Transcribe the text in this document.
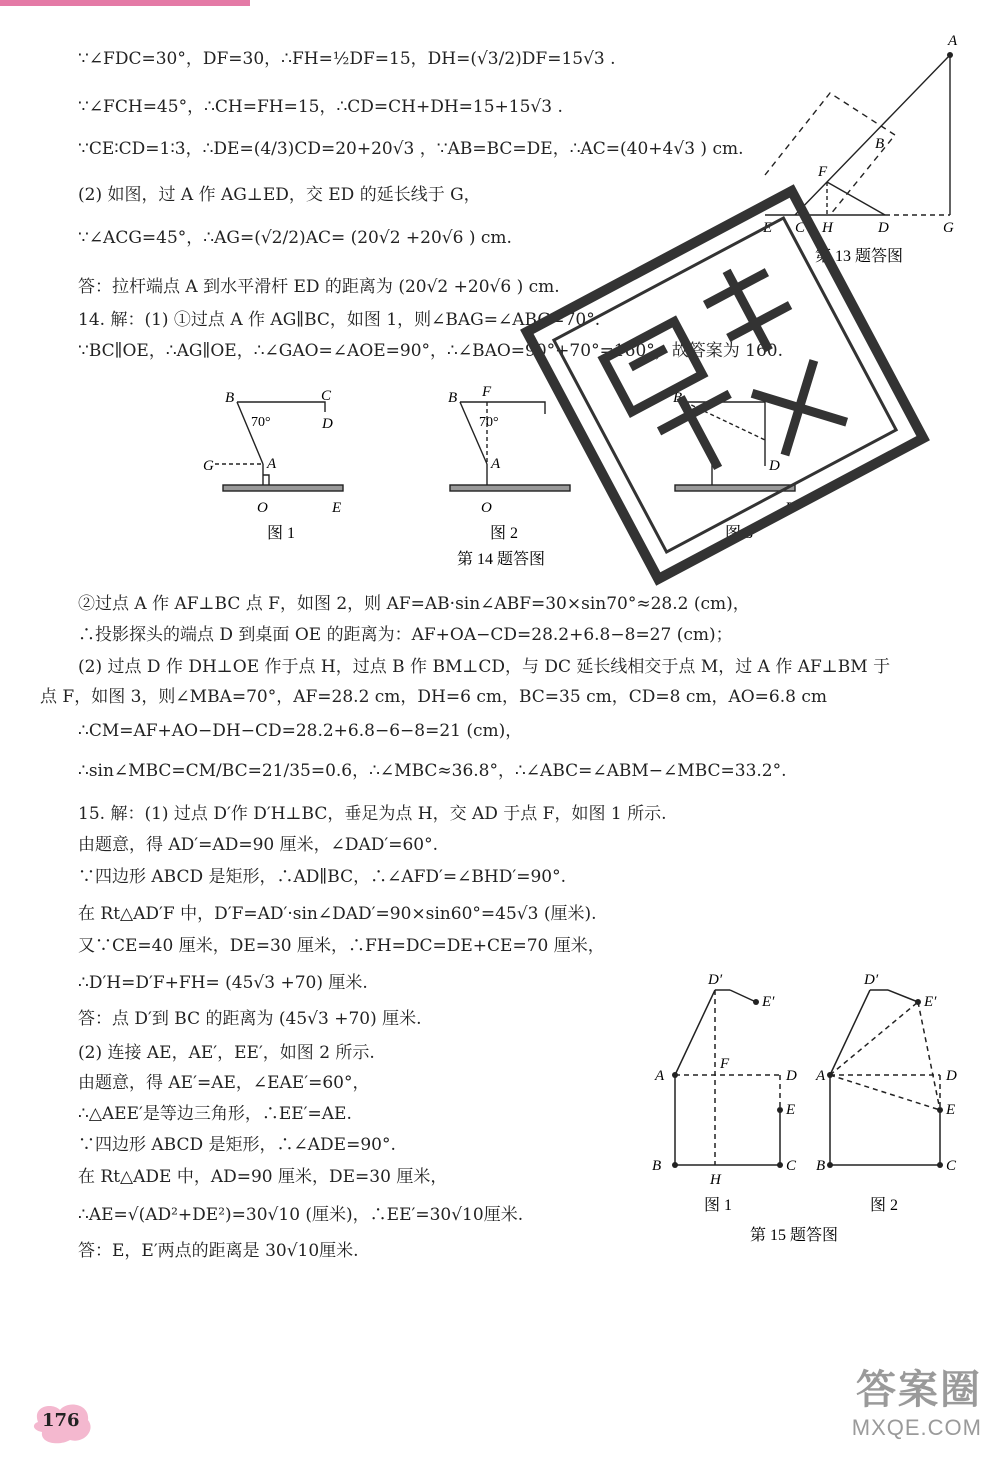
∵∠FDC=30°，DF=30，∴FH=½DF=15，DH=(√3/2)DF=15√3 .
∵∠FCH=45°，∴CH=FH=15，∴CD=CH+DH=15+15√3 .
∵CE∶CD=1∶3，∴DE=(4/3)CD=20+20√3 ，∵AB=BC=DE，∴AC=(40+4√3 ) cm.
(2) 如图，过 A 作 AG⊥ED，交 ED 的延长线于 G，
∵∠ACG=45°，∴AG=(√2/2)AC= (20√2 +20√6 ) cm.
答：拉杆端点 A 到水平滑杆 ED 的距离为 (20√2 +20√6 ) cm.
14. 解：(1) ①过点 A 作 AG∥BC，如图 1，则∠BAG=∠ABC=70°.
∵BC∥OE，∴AG∥OE，∴∠GAO=∠AOE=90°，∴∠BAO=90°+70°=160°，故答案为 160.
②过点 A 作 AF⊥BC 点 F，如图 2，则 AF=AB·sin∠ABF=30×sin70°≈28.2 (cm)，
∴投影探头的端点 D 到桌面 OE 的距离为：AF+OA−CD=28.2+6.8−8=27 (cm)；
(2) 过点 D 作 DH⊥OE 作于点 H，过点 B 作 BM⊥CD，与 DC 延长线相交于点 M，过 A 作 AF⊥BM 于
点 F，如图 3，则∠MBA=70°，AF=28.2 cm，DH=6 cm，BC=35 cm，CD=8 cm，AO=6.8 cm
∴CM=AF+AO−DH−CD=28.2+6.8−6−8=21 (cm)，
∴sin∠MBC=CM/BC=21/35=0.6，∴∠MBC≈36.8°，∴∠ABC=∠ABM−∠MBC=33.2°.
15. 解：(1) 过点 D′作 D′H⊥BC，垂足为点 H，交 AD 于点 F，如图 1 所示.
由题意，得 AD′=AD=90 厘米，∠DAD′=60°.
∵四边形 ABCD 是矩形，∴AD∥BC，∴∠AFD′=∠BHD′=90°.
在 Rt△AD′F 中，D′F=AD′·sin∠DAD′=90×sin60°=45√3 (厘米).
又∵CE=40 厘米，DE=30 厘米，∴FH=DC=DE+CE=70 厘米，
∴D′H=D′F+FH= (45√3 +70) 厘米.
答：点 D′到 BC 的距离为 (45√3 +70) 厘米.
(2) 连接 AE，AE′，EE′，如图 2 所示.
由题意，得 AE′=AE，∠EAE′=60°，
∴△AEE′是等边三角形，∴EE′=AE.
∵四边形 ABCD 是矩形，∴∠ADE=90°.
在 Rt△ADE 中，AD=90 厘米，DE=30 厘米，
∴AE=√(AD²+DE²)=30√10 (厘米)，∴EE′=30√10厘米.
答：E，E′两点的距离是 30√10厘米.
A
B
F
E C H	D	G
第 13 题答图
B
70°
C
D
G	A
O	E
图 1
B F
70°
A
O
图 2
B
D
E
图 3
第 14 题答图
D′
E′
A
F
D
E
B
H
C
图 1
D′
E′
A	D
E
B	C
图 2
第 15 题答图
176
答案圈
MXQE.COM
